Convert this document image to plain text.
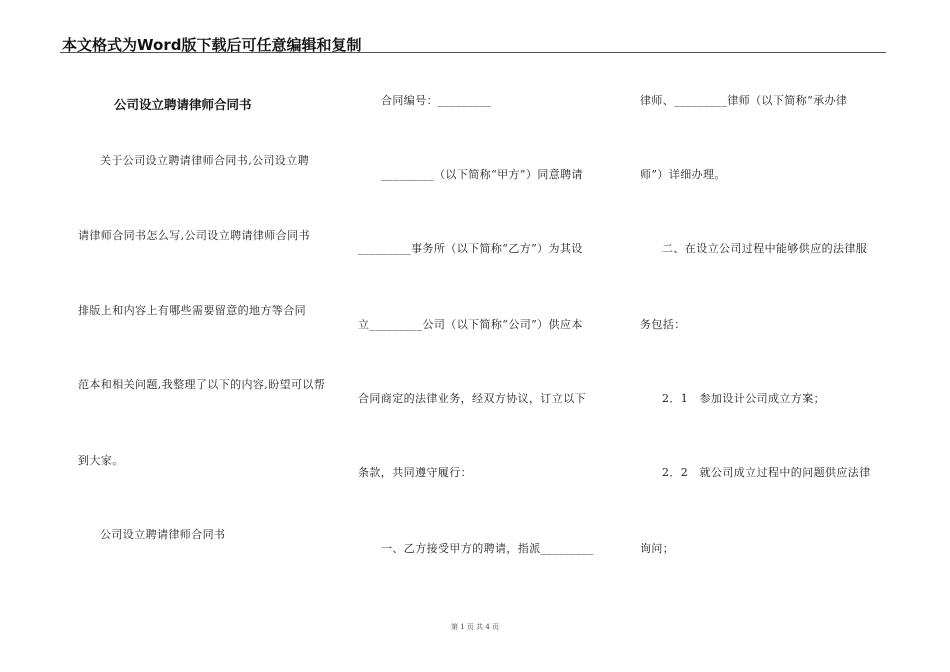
本文格式为Word版下载后可任意编辑和复制
公司设立聘请律师合同书
关于公司设立聘请律师合同书,公司设立聘
请律师合同书怎么写,公司设立聘请律师合同书
排版上和内容上有哪些需要留意的地方等合同
范本和相关问题,我整理了以下的内容,盼望可以帮
到大家。
公司设立聘请律师合同书
合同编号：_________
_________（以下简称“甲方”）同意聘请
_________事务所（以下简称“乙方”）为其设
立_________公司（以下简称“公司”）供应本
合同商定的法律业务，经双方协议，订立以下
条款，共同遵守履行：
一、乙方接受甲方的聘请，指派_________
律师、_________律师（以下简称“承办律
师”）详细办理。
二、在设立公司过程中能够供应的法律服
务包括：
2．1　参加设计公司成立方案；
2．2　就公司成立过程中的问题供应法律
询问；
第 1 页 共 4 页
